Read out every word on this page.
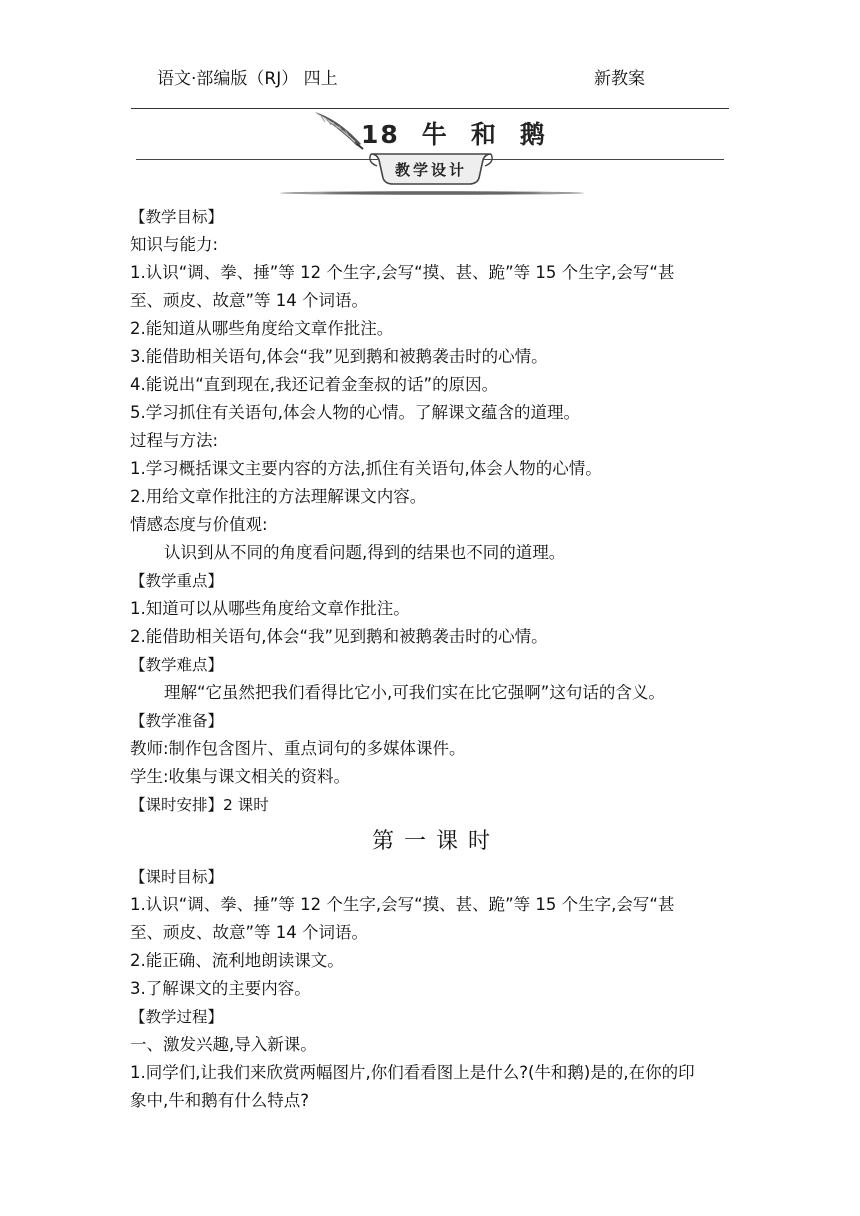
语文·部编版（RJ） 四上	新教案
18 牛 和 鹅
教学设计
【教学目标】
知识与能力:
1.认识“调、拳、捶”等 12 个生字,会写“摸、甚、跪”等 15 个生字,会写“甚
至、顽皮、故意”等 14 个词语。
2.能知道从哪些角度给文章作批注。
3.能借助相关语句,体会“我”见到鹅和被鹅袭击时的心情。
4.能说出“直到现在,我还记着金奎叔的话”的原因。
5.学习抓住有关语句,体会人物的心情。了解课文蕴含的道理。
过程与方法:
1.学习概括课文主要内容的方法,抓住有关语句,体会人物的心情。
2.用给文章作批注的方法理解课文内容。
情感态度与价值观:
认识到从不同的角度看问题,得到的结果也不同的道理。
【教学重点】
1.知道可以从哪些角度给文章作批注。
2.能借助相关语句,体会“我”见到鹅和被鹅袭击时的心情。
【教学难点】
理解“它虽然把我们看得比它小,可我们实在比它强啊”这句话的含义。
【教学准备】
教师:制作包含图片、重点词句的多媒体课件。
学生:收集与课文相关的资料。
【课时安排】2 课时
第一课时
【课时目标】
1.认识“调、拳、捶”等 12 个生字,会写“摸、甚、跪”等 15 个生字,会写“甚
至、顽皮、故意”等 14 个词语。
2.能正确、流利地朗读课文。
3.了解课文的主要内容。
【教学过程】
一、激发兴趣,导入新课。
1.同学们,让我们来欣赏两幅图片,你们看看图上是什么?(牛和鹅)是的,在你的印
象中,牛和鹅有什么特点?
